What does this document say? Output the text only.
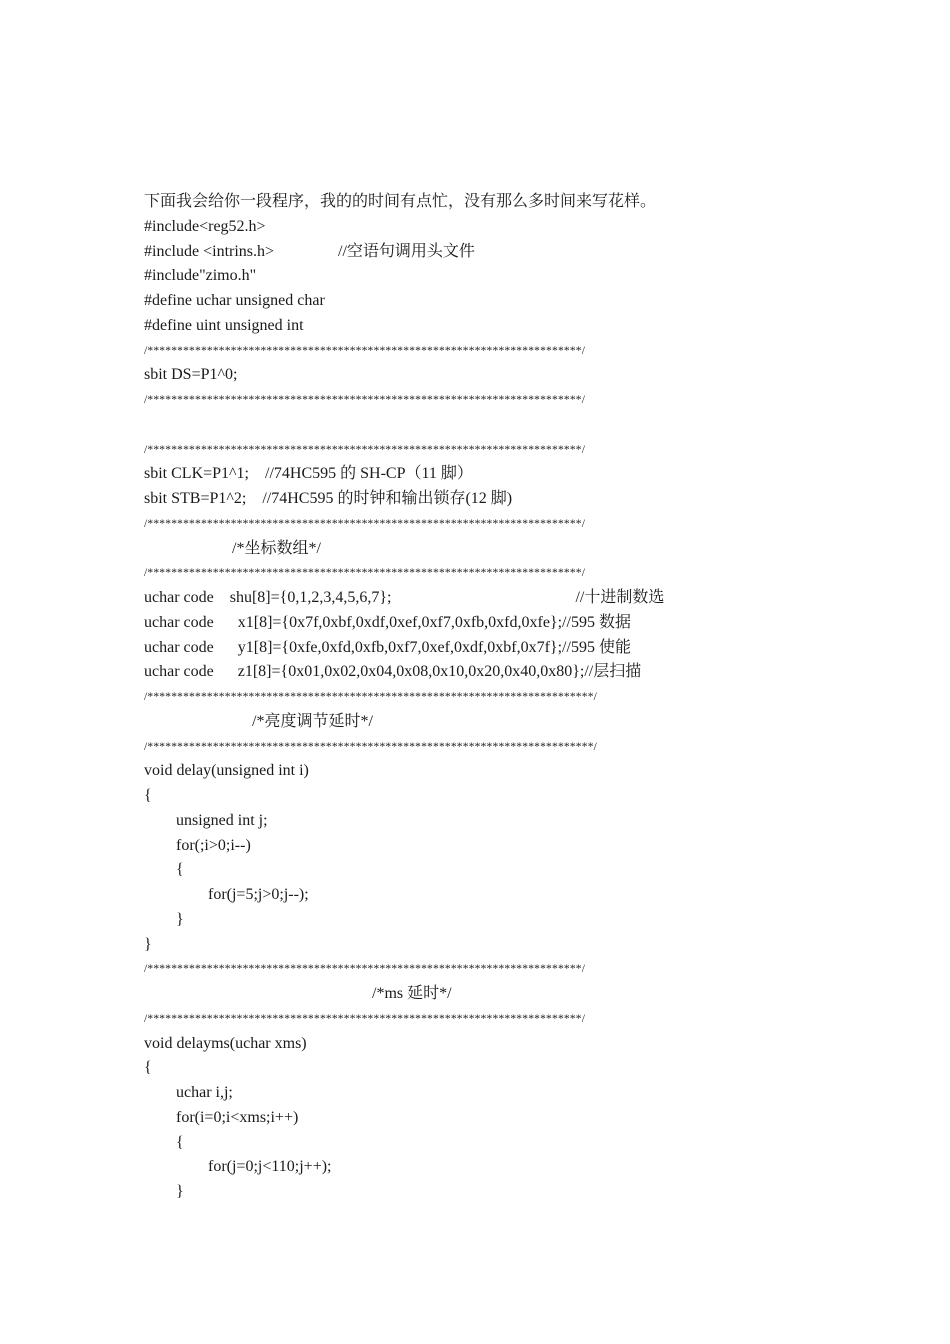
下面我会给你一段程序，我的的时间有点忙，没有那么多时间来写花样。
#include<reg52.h>
#include <intrins.h>                //空语句调用头文件
#include"zimo.h"
#define uchar unsigned char
#define uint unsigned int
/*************************************************************************/
sbit DS=P1^0;
/*************************************************************************/
/*************************************************************************/
sbit CLK=P1^1;    //74HC595 的 SH-CP（11 脚）
sbit STB=P1^2;    //74HC595 的时钟和输出锁存(12 脚)
/*************************************************************************/
/*坐标数组*/
/*************************************************************************/
uchar code    shu[8]={0,1,2,3,4,5,6,7};                                              //十进制数选
uchar code      x1[8]={0x7f,0xbf,0xdf,0xef,0xf7,0xfb,0xfd,0xfe};//595 数据
uchar code      y1[8]={0xfe,0xfd,0xfb,0xf7,0xef,0xdf,0xbf,0x7f};//595 使能
uchar code      z1[8]={0x01,0x02,0x04,0x08,0x10,0x20,0x40,0x80};//层扫描
/***************************************************************************/
/*亮度调节延时*/
/***************************************************************************/
void delay(unsigned int i)
{
unsigned int j;
for(;i>0;i--)
{
for(j=5;j>0;j--);
}
}
/*************************************************************************/
/*ms 延时*/
/*************************************************************************/
void delayms(uchar xms)
{
uchar i,j;
for(i=0;i<xms;i++)
{
for(j=0;j<110;j++);
}
